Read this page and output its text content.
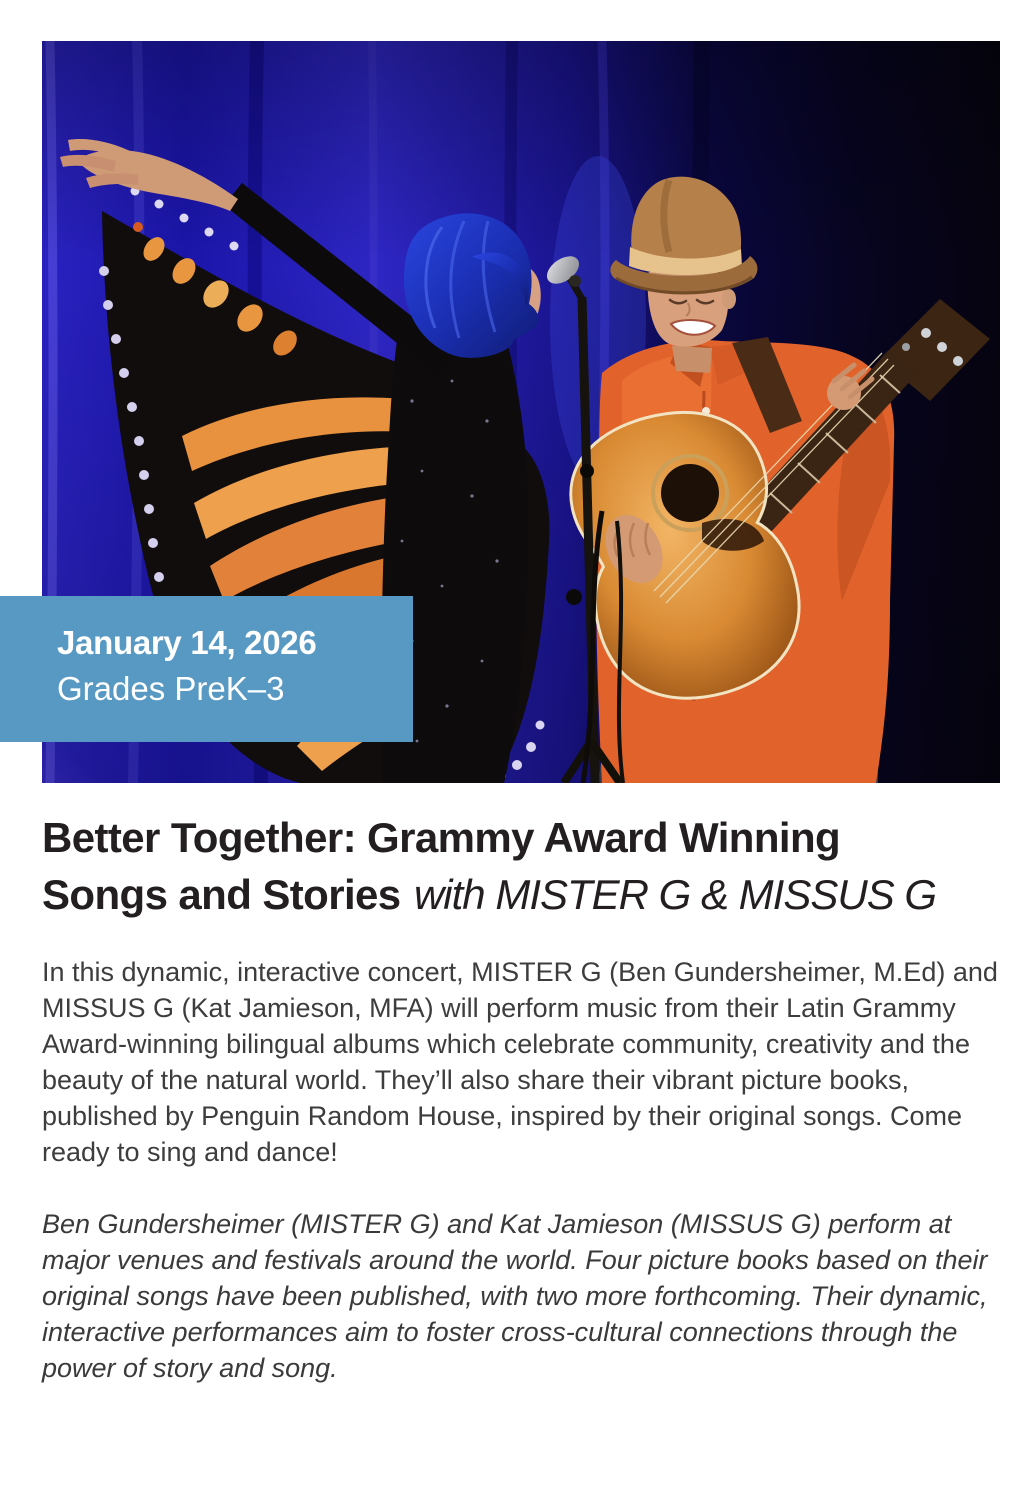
January 14, 2026
Grades PreK–3
Better Together: Grammy Award Winning
Songs and Stories with MISTER G & MISSUS G

In this dynamic, interactive concert, MISTER G (Ben Gundersheimer, M.Ed) and MISSUS G (Kat Jamieson, MFA) will perform music from their Latin Grammy Award-winning bilingual albums which celebrate community, creativity and the beauty of the natural world. They’ll also share their vibrant picture books, published by Penguin Random House, inspired by their original songs. Come ready to sing and dance!

Ben Gundersheimer (MISTER G) and Kat Jamieson (MISSUS G) perform at major venues and festivals around the world. Four picture books based on their original songs have been published, with two more forthcoming. Their dynamic, interactive performances aim to foster cross-cultural connections through the power of story and song.
